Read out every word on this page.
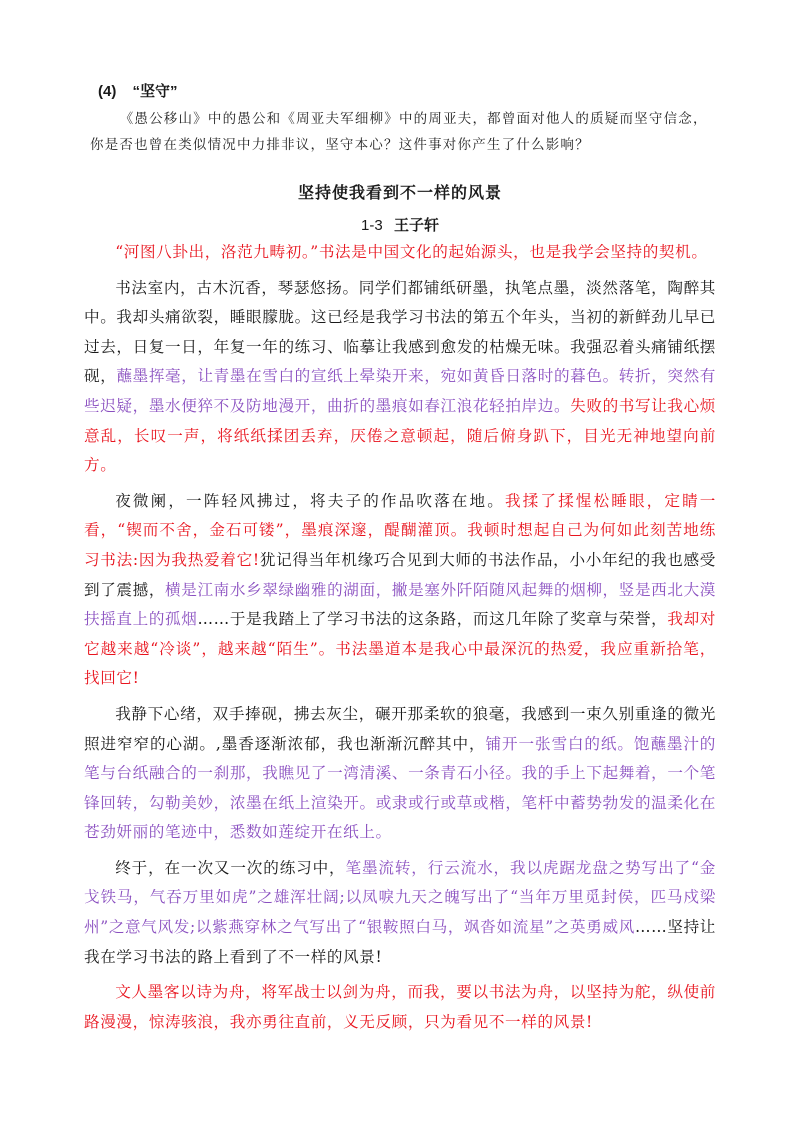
(4) “坚守”

《愚公移山》中的愚公和《周亚夫军细柳》中的周亚夫，都曾面对他人的质疑而坚守信念，

你是否也曾在类似情况中力排非议，坚守本心？这件事对你产生了什么影响？

坚持使我看到不一样的风景
1-3 王子轩

“河图八卦出，洛范九畴初。”书法是中国文化的起始源头，也是我学会坚持的契机。

书法室内，古木沉香，琴瑟悠扬。同学们都铺纸研墨，执笔点墨，淡然落笔，陶醉其中。我却头痛欲裂，睡眼朦胧。这已经是我学习书法的第五个年头，当初的新鲜劲儿早已过去，日复一日，年复一年的练习、临摹让我感到愈发的枯燥无味。我强忍着头痛铺纸摆砚，蘸墨挥毫，让青墨在雪白的宣纸上晕染开来，宛如黄昏日落时的暮色。转折，突然有些迟疑，墨水便猝不及防地漫开，曲折的墨痕如春江浪花轻拍岸边。失败的书写让我心烦意乱，长叹一声，将纸纸揉团丢弃，厌倦之意顿起，随后俯身趴下，目光无神地望向前方。

夜微阑，一阵轻风拂过，将夫子的作品吹落在地。我揉了揉惺松睡眼，定睛一看，“锲而不舍，金石可镂”，墨痕深邃，醍醐灌顶。我顿时想起自己为何如此刻苦地练习书法:因为我热爱着它!犹记得当年机缘巧合见到大师的书法作品，小小年纪的我也感受到了震撼，横是江南水乡翠绿幽雅的湖面，撇是塞外阡陌随风起舞的烟柳，竖是西北大漠扶摇直上的孤烟……于是我踏上了学习书法的这条路，而这几年除了奖章与荣誉，我却对它越来越“冷谈”，越来越“陌生”。书法墨道本是我心中最深沉的热爱，我应重新拾笔，找回它!

我静下心绪，双手捧砚，拂去灰尘，碾开那柔软的狼毫，我感到一束久别重逢的微光照进窄窄的心湖。,墨香逐渐浓郁，我也渐渐沉醉其中，铺开一张雪白的纸。饱蘸墨汁的笔与台纸融合的一刹那，我瞧见了一湾清溪、一条青石小径。我的手上下起舞着，一个笔锋回转，勾勒美妙，浓墨在纸上渲染开。或隶或行或草或楷，笔杆中蓄势勃发的温柔化在苍劲妍丽的笔迹中，悉数如莲绽开在纸上。

终于，在一次又一次的练习中，笔墨流转，行云流水，我以虎踞龙盘之势写出了“金戈铁马，气吞万里如虎”之雄浑壮阔;以凤唳九天之魄写出了“当年万里觅封侯，匹马戍梁州”之意气风发;以紫燕穿林之气写出了“银鞍照白马，飒沓如流星”之英勇威风……坚持让我在学习书法的路上看到了不一样的风景!

文人墨客以诗为舟，将军战士以剑为舟，而我，要以书法为舟，以坚持为舵，纵使前路漫漫，惊涛骇浪，我亦勇往直前，义无反顾，只为看见不一样的风景!
